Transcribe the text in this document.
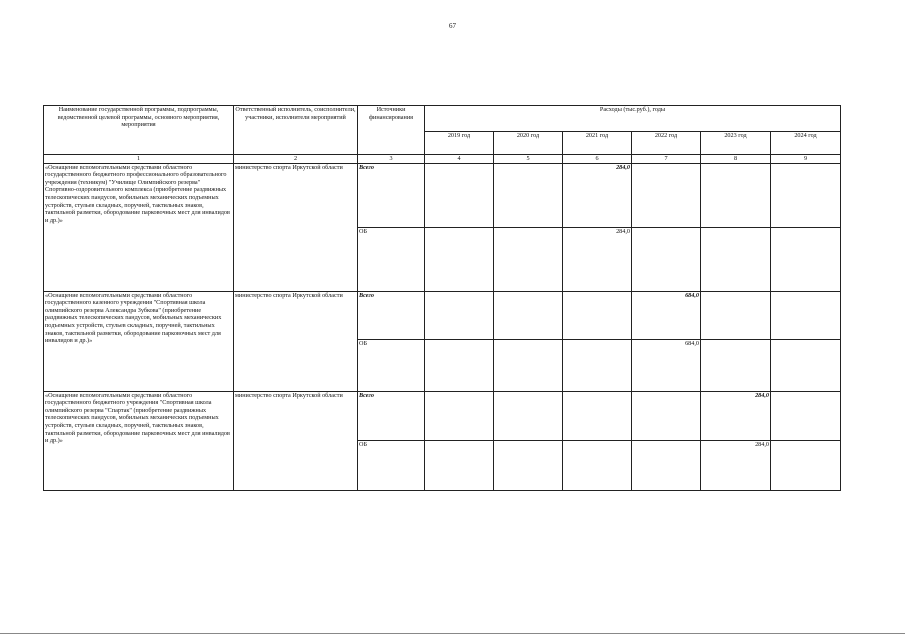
67
Наименование государственной программы, подпрограммы, ведомственной целевой программы, основного мероприятия, мероприятия	Ответственный исполнитель, соисполнители, участники, исполнители мероприятий	Источники финансирования	Расходы (тыс.руб.), годы					
			2019 год	2020 год	2021 год	2022 год	2023 год	2024 год
1	2	3	4	5	6	7	8	9
«Оснащение вспомогательными средствами областного государственного бюджетного профессионального образовательного учреждения (техникум) "Училище Олимпийского резерва" Спортивно-оздоровительного комплекса (приобретение раздвижных телескопических пандусов, мобильных механических подъемных устройств, стульев складных, поручней, тактильных знаков, тактильной разметки, обородование парковочных мест для инвалидов и др.)»	министерство спорта Иркутской области	Всего			284,0			
		ОБ			284,0			
«Оснащение вспомогательными средствами областного государственного казенного учреждения "Спортивная школа олимпийского резерва Александра Зубкова" (приобретение раздвижных телескопических пандусов, мобильных механических подъемных устройств, стульев складных, поручней, тактильных знаков, тактильной разметки, обородование парковочных мест для инвалидов и др.)»	министерство спорта Иркутской области	Всего				684,0		
		ОБ				684,0		
«Оснащение вспомогательными средствами областного государственного бюджетного учреждения "Спортивная школа олимпийского резерва "Спартак" (приобретение раздвижных телескопических пандусов, мобильных механических подъемных устройств, стульев складных, поручней, тактильных знаков, тактильной разметки, обородование парковочных мест для инвалидов и др.)»	министерство спорта Иркутской области	Всего					284,0	
		ОБ					284,0	
